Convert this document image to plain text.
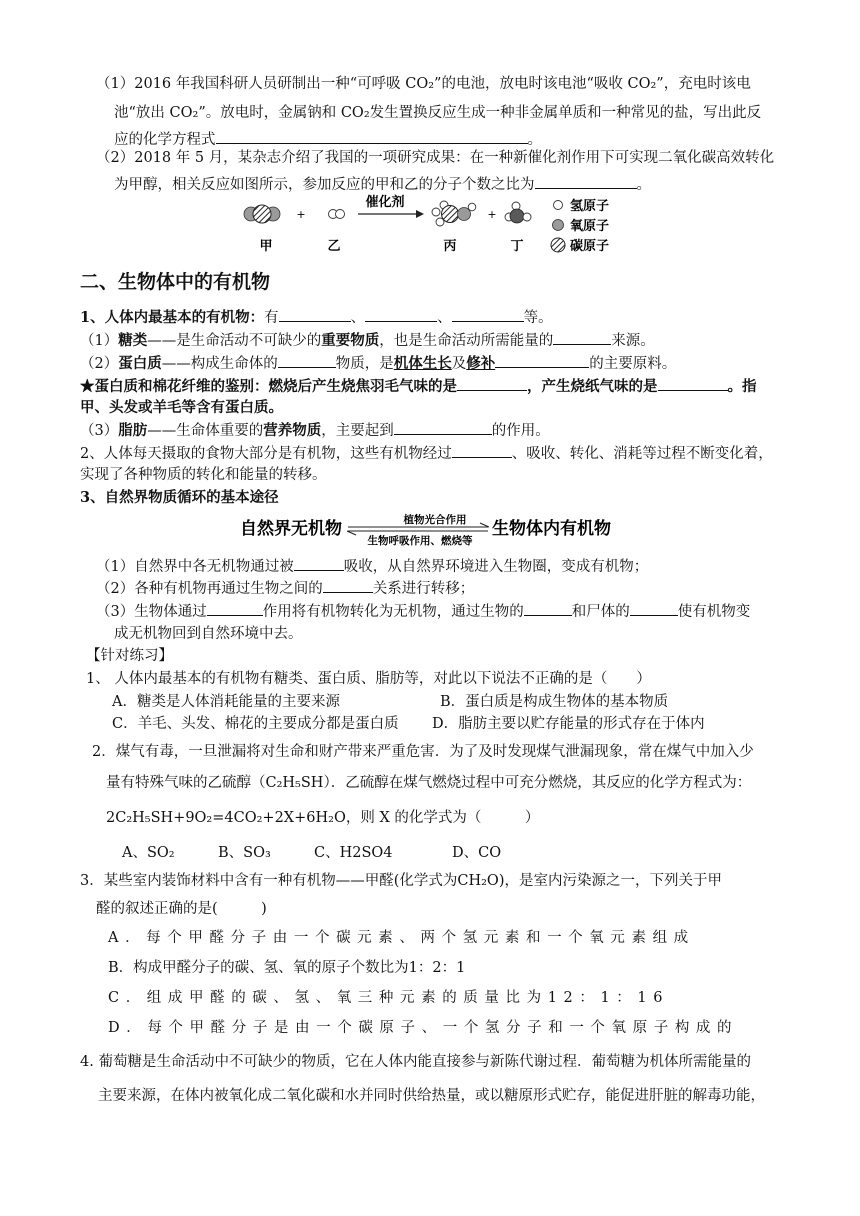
（1）2016 年我国科研人员研制出一种“可呼吸 CO₂”的电池，放电时该电池“吸收 CO₂”，充电时该电
池“放出 CO₂”。放电时，金属钠和 CO₂发生置换反应生成一种非金属单质和一种常见的盐，写出此反
应的化学方程式	。
（2）2018 年 5 月，某杂志介绍了我国的一项研究成果：在一种新催化剂作用下可实现二氧化碳高效转化
为甲醇，相关反应如图所示，参加反应的甲和乙的分子个数之比为	。
+
催化剂
+
甲	乙	丙	丁
氢原子
氧原子
碳原子
二、生物体中的有机物
1、人体内最基本的有机物：有	、	、	等。
（1）糖类——是生命活动不可缺少的重要物质，也是生命活动所需能量的	来源。
（2）蛋白质——构成生命体的	物质，是机体生长及修补	的主要原料。
★蛋白质和棉花纤维的鉴别：燃烧后产生烧焦羽毛气味的是	，产生烧纸气味的是	。指
甲、头发或羊毛等含有蛋白质。
（3）脂肪——生命体重要的营养物质，主要起到	的作用。
2、人体每天摄取的食物大部分是有机物，这些有机物经过	、吸收、转化、消耗等过程不断变化着，
实现了各种物质的转化和能量的转移。
3、自然界物质循环的基本途径
自然界无机物	植物光合作用
生物呼吸作用、燃烧等
生物体内有机物
（1）自然界中各无机物通过被	吸收，从自然界环境进入生物圈，变成有机物；
（2）各种有机物再通过生物之间的	关系进行转移；
（3）生物体通过	作用将有机物转化为无机物，通过生物的	和尸体的	使有机物变
成无机物回到自然环境中去。
【针对练习】
1、 人体内最基本的有机物有糖类、蛋白质、脂肪等，对此以下说法不正确的是（　　）
A．糖类是人体消耗能量的主要来源	B．蛋白质是构成生物体的基本物质
C．羊毛、头发、棉花的主要成分都是蛋白质 D．脂肪主要以贮存能量的形式存在于体内
2．煤气有毒，一旦泄漏将对生命和财产带来严重危害．为了及时发现煤气泄漏现象，常在煤气中加入少
量有特殊气味的乙硫醇（C₂H₅SH）．乙硫醇在煤气燃烧过程中可充分燃烧，其反应的化学方程式为：
2C₂H₅SH+9O₂=4CO₂+2X+6H₂O，则 X 的化学式为（　　　）
A、SO₂	B、SO₃	C、H2SO4	D、CO
3．某些室内装饰材料中含有一种有机物——甲醛(化学式为CH₂O)，是室内污染源之一，下列关于甲
醛的叙述正确的是(　　　)
A．每个甲醛分子由一个碳元素、两个氢元素和一个氧元素组成
B．构成甲醛分子的碳、氢、氧的原子个数比为1：2：1
C．组成甲醛的碳、氢、氧三种元素的质量比为12：1：16
D．每个甲醛分子是由一个碳原子、一个氢分子和一个氧原子构成的
4. 葡萄糖是生命活动中不可缺少的物质，它在人体内能直接参与新陈代谢过程．葡萄糖为机体所需能量的
主要来源，在体内被氧化成二氧化碳和水并同时供给热量，或以糖原形式贮存，能促进肝脏的解毒功能，
